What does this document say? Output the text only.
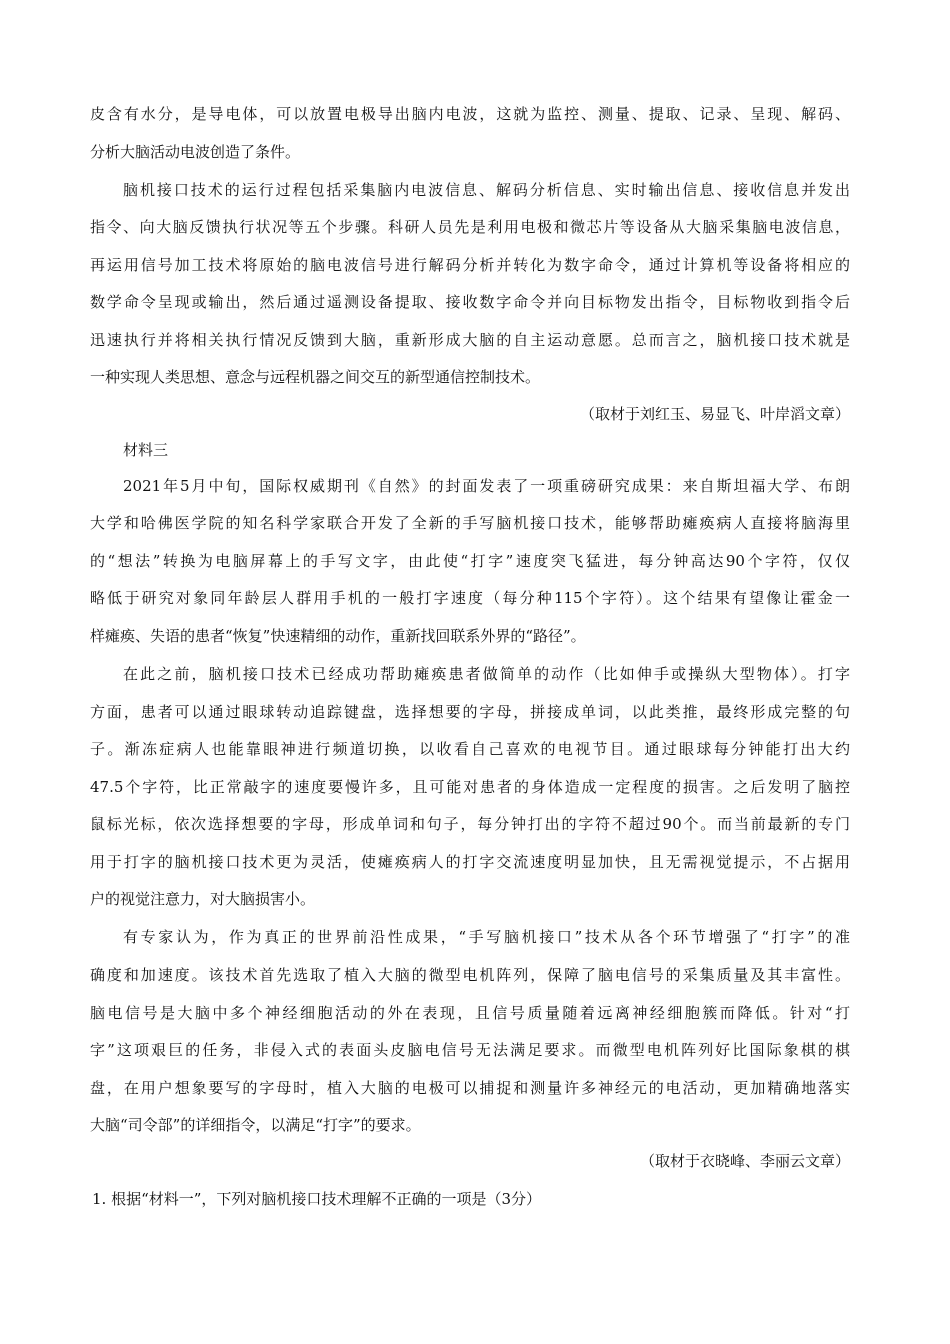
皮含有水分，是导电体，可以放置电极导出脑内电波，这就为监控、测量、提取、记录、呈现、解码、
分析大脑活动电波创造了条件。
脑机接口技术的运行过程包括采集脑内电波信息、解码分析信息、实时输出信息、接收信息并发出
指令、向大脑反馈执行状况等五个步骤。科研人员先是利用电极和微芯片等设备从大脑采集脑电波信息，
再运用信号加工技术将原始的脑电波信号进行解码分析并转化为数字命令，通过计算机等设备将相应的
数学命令呈现或输出，然后通过遥测设备提取、接收数字命令并向目标物发出指令，目标物收到指令后
迅速执行并将相关执行情况反馈到大脑，重新形成大脑的自主运动意愿。总而言之，脑机接口技术就是
一种实现人类思想、意念与远程机器之间交互的新型通信控制技术。
（取材于刘红玉、易显飞、叶岸滔文章）
材料三
2021年5月中旬，国际权威期刊《自然》的封面发表了一项重磅研究成果：来自斯坦福大学、布朗
大学和哈佛医学院的知名科学家联合开发了全新的手写脑机接口技术，能够帮助瘫痪病人直接将脑海里
的“想法”转换为电脑屏幕上的手写文字，由此使“打字”速度突飞猛进，每分钟高达90个字符，仅仅
略低于研究对象同年龄层人群用手机的一般打字速度（每分种115个字符）。这个结果有望像让霍金一
样瘫痪、失语的患者“恢复”快速精细的动作，重新找回联系外界的“路径”。
在此之前，脑机接口技术已经成功帮助瘫痪患者做简单的动作（比如伸手或操纵大型物体）。打字
方面，患者可以通过眼球转动追踪键盘，选择想要的字母，拼接成单词，以此类推，最终形成完整的句
子。渐冻症病人也能靠眼神进行频道切换，以收看自己喜欢的电视节目。通过眼球每分钟能打出大约
47.5个字符，比正常敲字的速度要慢许多，且可能对患者的身体造成一定程度的损害。之后发明了脑控
鼠标光标，依次选择想要的字母，形成单词和句子，每分钟打出的字符不超过90个。而当前最新的专门
用于打字的脑机接口技术更为灵活，使瘫痪病人的打字交流速度明显加快，且无需视觉提示，不占据用
户的视觉注意力，对大脑损害小。
有专家认为，作为真正的世界前沿性成果，“手写脑机接口”技术从各个环节增强了“打字”的准
确度和加速度。该技术首先选取了植入大脑的微型电机阵列，保障了脑电信号的采集质量及其丰富性。
脑电信号是大脑中多个神经细胞活动的外在表现，且信号质量随着远离神经细胞簇而降低。针对“打
字”这项艰巨的任务，非侵入式的表面头皮脑电信号无法满足要求。而微型电机阵列好比国际象棋的棋
盘，在用户想象要写的字母时，植入大脑的电极可以捕捉和测量许多神经元的电活动，更加精确地落实
大脑“司令部”的详细指令，以满足“打字”的要求。
（取材于衣晓峰、李丽云文章）
1. 根据“材料一”，下列对脑机接口技术理解••• 不正确的一项是（3分）
